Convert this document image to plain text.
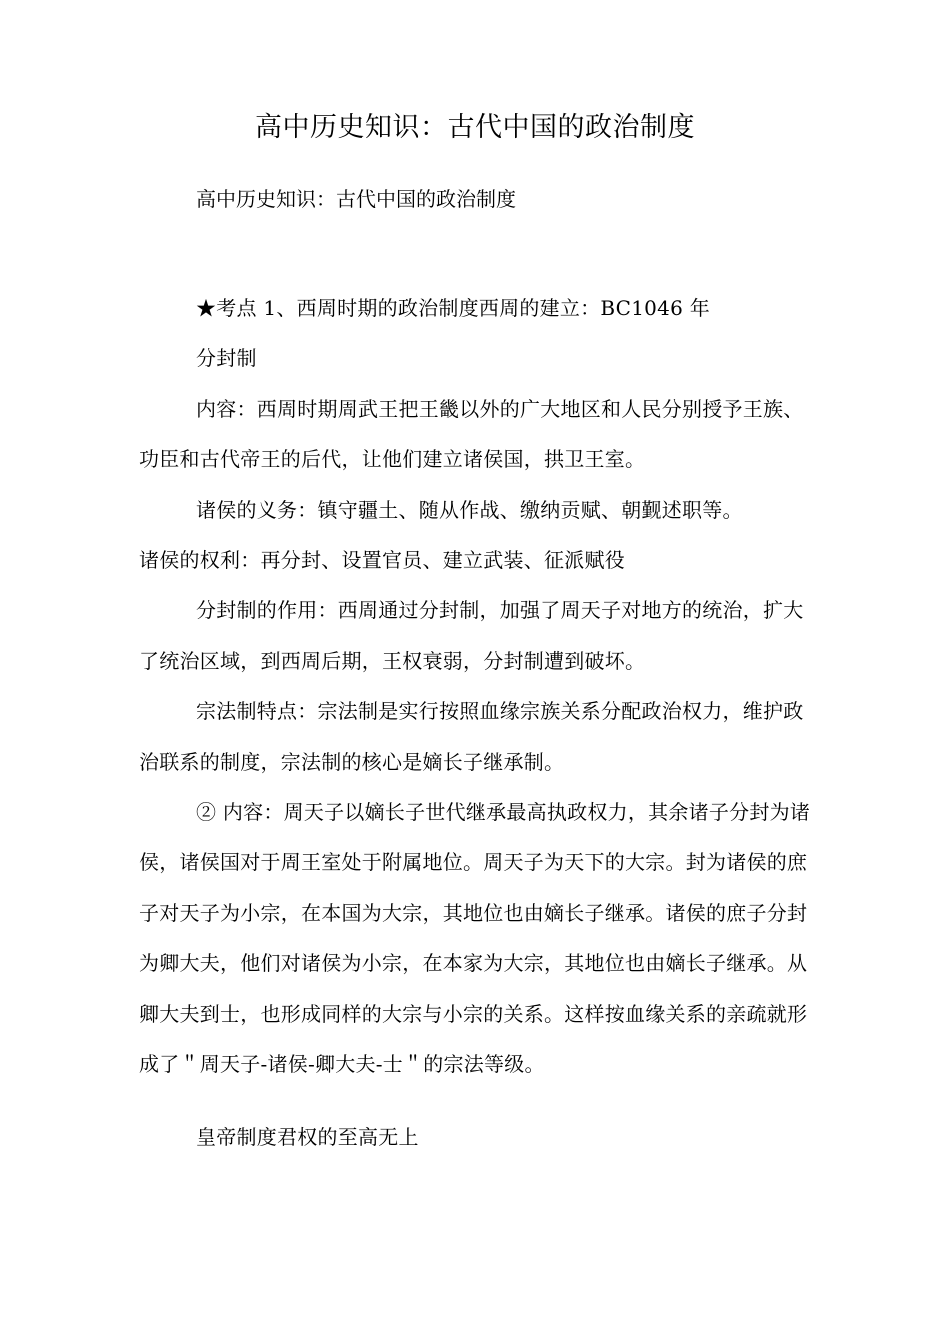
高中历史知识：古代中国的政治制度
高中历史知识：古代中国的政治制度

★考点 1、西周时期的政治制度西周的建立：BC1046 年

分封制

内容：西周时期周武王把王畿以外的广大地区和人民分别授予王族、功臣和古代帝王的后代，让他们建立诸侯国，拱卫王室。

诸侯的义务：镇守疆土、随从作战、缴纳贡赋、朝觐述职等。

诸侯的权利：再分封、设置官员、建立武装、征派赋役

分封制的作用：西周通过分封制，加强了周天子对地方的统治，扩大了统治区域，到西周后期，王权衰弱，分封制遭到破坏。

宗法制特点：宗法制是实行按照血缘宗族关系分配政治权力，维护政治联系的制度，宗法制的核心是嫡长子继承制。

② 内容：周天子以嫡长子世代继承最高执政权力，其余诸子分封为诸侯，诸侯国对于周王室处于附属地位。周天子为天下的大宗。封为诸侯的庶子对天子为小宗，在本国为大宗，其地位也由嫡长子继承。诸侯的庶子分封为卿大夫，他们对诸侯为小宗，在本家为大宗，其地位也由嫡长子继承。从卿大夫到士，也形成同样的大宗与小宗的关系。这样按血缘关系的亲疏就形成了＂周天子-诸侯-卿大夫-士＂的宗法等级。

皇帝制度君权的至高无上
